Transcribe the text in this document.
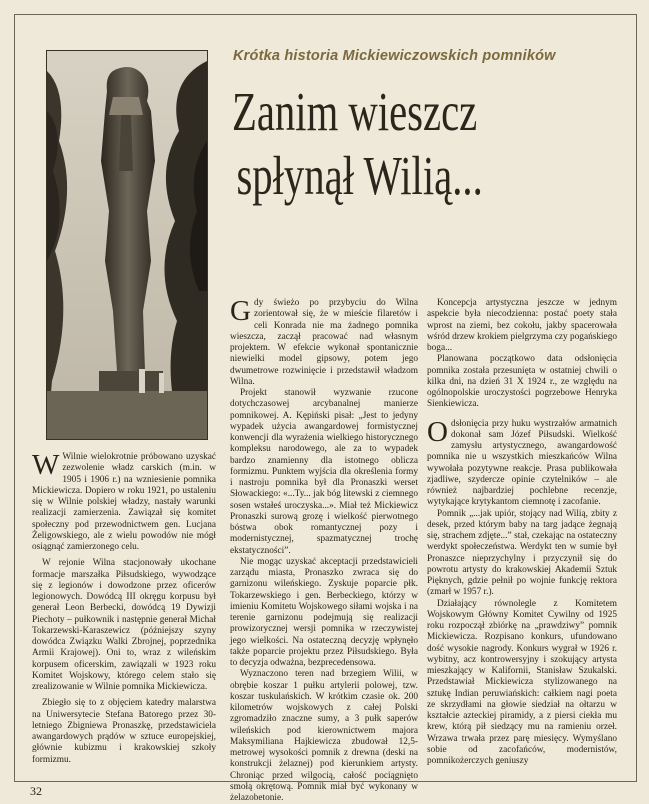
Krótka historia Mickiewiczowskich pomników
Zanim wieszcz
spłynął Wilią...

W Wilnie wielokrotnie próbowano uzyskać zezwolenie władz carskich (m.in. w 1905 i 1906 r.) na wzniesienie pomnika Mickiewicza. Dopiero w roku 1921, po ustaleniu się w Wilnie polskiej władzy, nastały warunki realizacji zamierzenia. Zawiązał się komitet społeczny pod przewodnictwem gen. Lucjana Żeligowskiego, ale z wielu powodów nie mógł osiągnąć zamierzonego celu.

W rejonie Wilna stacjonowały ukochane formacje marszałka Piłsudskiego, wywodzące się z legionów i dowodzone przez oficerów legionowych. Dowódcą III okręgu korpusu był generał Leon Berbecki, dowódcą 19 Dywizji Piechoty – pułkownik i następnie generał Michał Tokarzewski-Karaszewicz (późniejszy szyny dowódca Związku Walki Zbrojnej, poprzednika Armii Krajowej). Oni to, wraz z wileńskim korpusem oficerskim, zawiązali w 1923 roku Komitet Wojskowy, którego celem stało się zrealizowanie w Wilnie pomnika Mickiewicza.

Zbiegło się to z objęciem katedry malarstwa na Uniwersytecie Stefana Batorego przez 30-letniego Zbigniewa Pronaszkę, przedstawiciela awangardowych prądów w sztuce europejskiej, głównie kubizmu i krakowskiej szkoły formizmu.

Gdy świeżo po przybyciu do Wilna zorientował się, że w mieście filaretów i celi Konrada nie ma żadnego pomnika wieszcza, zaczął pracować nad własnym projektem. W efekcie wykonał spontanicznie niewielki model gipsowy, potem jego dwumetrowe rozwinięcie i przedstawił władzom Wilna.

Projekt stanowił wyzwanie rzucone dotychczasowej arcybanalnej manierze pomnikowej. A. Kępiński pisał: „Jest to jedyny wypadek użycia awangardowej formistycznej konwencji dla wyrażenia wielkiego historycznego kompleksu narodowego, ale za to wypadek bardzo znamienny dla istotnego oblicza formizmu. Punktem wyjścia dla określenia formy i nastroju pomnika był dla Pronaszki werset Słowackiego: «...Ty... jak bóg litewski z ciemnego sosen wstałeś uroczyska...». Miał też Mickiewicz Pronaszki surową grozę i wielkość pierwotnego bóstwa obok romantycznej pozy i modernistycznej, spazmatycznej trochę ekstatyczności”.

Nie mogąc uzyskać akceptacji przedstawicieli zarządu miasta, Pronaszko zwraca się do garnizonu wileńskiego. Zyskuje poparcie płk. Tokarzewskiego i gen. Berbeckiego, którzy w imieniu Komitetu Wojskowego siłami wojska i na terenie garnizonu podejmują się realizacji prowizorycznej wersji pomnika w rzeczywistej jego wielkości. Na ostateczną decyzję wpłynęło także poparcie projektu przez Piłsudskiego. Była to decyzja odważna, bezprecedensowa.

Wyznaczono teren nad brzegiem Wilii, w obrębie koszar 1 pułku artylerii polowej, tzw. koszar tuskulańskich. W krótkim czasie ok. 200 kilometrów wojskowych z całej Polski zgromadziło znaczne sumy, a 3 pułk saperów wileńskich pod kierownictwem majora Maksymiliana Hajkiewicza zbudował 12,5-metrowej wysokości pomnik z drewna (deski na konstrukcji żelaznej) pod kierunkiem artysty. Chroniąc przed wilgocią, całość pociągnięto smołą okrętową. Pomnik miał być wykonany w żelazobetonie.

Koncepcja artystyczna jeszcze w jednym aspekcie była niecodzienna: postać poety stała wprost na ziemi, bez cokołu, jakby spacerowała wśród drzew krokiem pielgrzyma czy pogańskiego boga...

Planowana początkowo data odsłonięcia pomnika została przesunięta w ostatniej chwili o kilka dni, na dzień 31 X 1924 r., ze względu na ogólnopolskie uroczystości pogrzebowe Henryka Sienkiewicza.

Odsłonięcia przy huku wystrzałów armatnich dokonał sam Józef Piłsudski. Wielkość zamysłu artystycznego, awangardowość pomnika nie u wszystkich mieszkańców Wilna wywołała pozytywne reakcje. Prasa publikowała zjadliwe, szydercze opinie czytelników – ale również najbardziej pochlebne recenzje, wytykające krytykantom ciemnotę i zacofanie.

Pomnik „...jak upiór, stojący nad Wilią, zbity z desek, przed którym baby na targ jadące żegnają się, strachem zdjęte...” stał, czekając na ostateczny werdykt społeczeństwa. Werdykt ten w sumie był Pronaszce nieprzychylny i przyczynił się do powrotu artysty do krakowskiej Akademii Sztuk Pięknych, gdzie pełnił po wojnie funkcję rektora (zmarł w 1957 r.).

Działający równolegle z Komitetem Wojskowym Główny Komitet Cywilny od 1925 roku rozpoczął zbiórkę na „prawdziwy” pomnik Mickiewicza. Rozpisano konkurs, ufundowano dość wysokie nagrody. Konkurs wygrał w 1926 r. wybitny, acz kontrowersyjny i szokujący artysta mieszkający w Kalifornii, Stanisław Szukalski. Przedstawiał Mickiewicza stylizowanego na sztukę Indian peruwiańskich: całkiem nagi poeta ze skrzydłami na głowie siedział na ołtarzu w kształcie azteckiej piramidy, a z piersi ciekła mu krew, którą pił siedzący mu na ramieniu orzeł. Wrzawa trwała przez parę miesięcy. Wymyślano sobie od zacofańców, modernistów, pomnikożerczych geniuszy

32
